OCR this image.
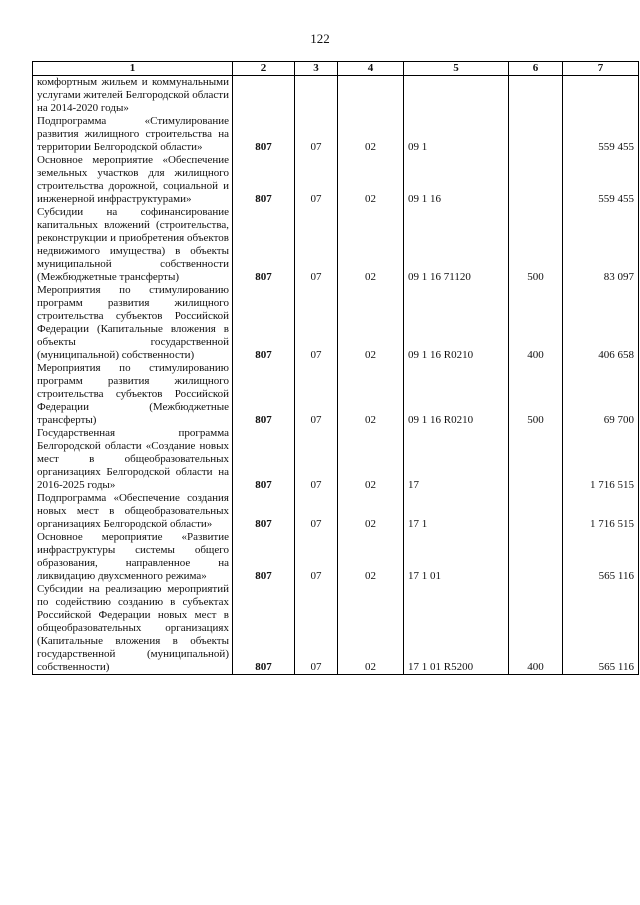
122
1	2	3	4	5	6	7
комфортным жильем и коммунальными услугами жителей Белгородской области на 2014-2020 годы»						
Подпрограмма «Стимулирование развития жилищного строительства на территории Белгородской области»	807	07	02	09 1		559 455
Основное мероприятие «Обеспечение земельных участков для жилищного строительства дорожной, социальной и инженерной инфраструктурами»	807	07	02	09 1 16		559 455
Субсидии на софинансирование капитальных вложений (строительства, реконструкции и приобретения объектов недвижимого имущества) в объекты муниципальной собственности (Межбюджетные трансферты)	807	07	02	09 1 16 71120	500	83 097
Мероприятия по стимулированию программ развития жилищного строительства субъектов Российской Федерации (Капитальные вложения в объекты государственной (муниципальной) собственности)	807	07	02	09 1 16 R0210	400	406 658
Мероприятия по стимулированию программ развития жилищного строительства субъектов Российской Федерации (Межбюджетные трансферты)	807	07	02	09 1 16 R0210	500	69 700
Государственная программа Белгородской области «Создание новых мест в общеобразовательных организациях Белгородской области на 2016-2025 годы»	807	07	02	17		1 716 515
Подпрограмма «Обеспечение создания новых мест в общеобразовательных организациях Белгородской области»	807	07	02	17 1		1 716 515
Основное мероприятие «Развитие инфраструктуры системы общего образования, направленное на ликвидацию двухсменного режима»	807	07	02	17 1 01		565 116
Субсидии на реализацию мероприятий по содействию созданию в субъектах Российской Федерации новых мест в общеобразовательных организациях (Капитальные вложения в объекты государственной (муниципальной) собственности)	807	07	02	17 1 01 R5200	400	565 116
